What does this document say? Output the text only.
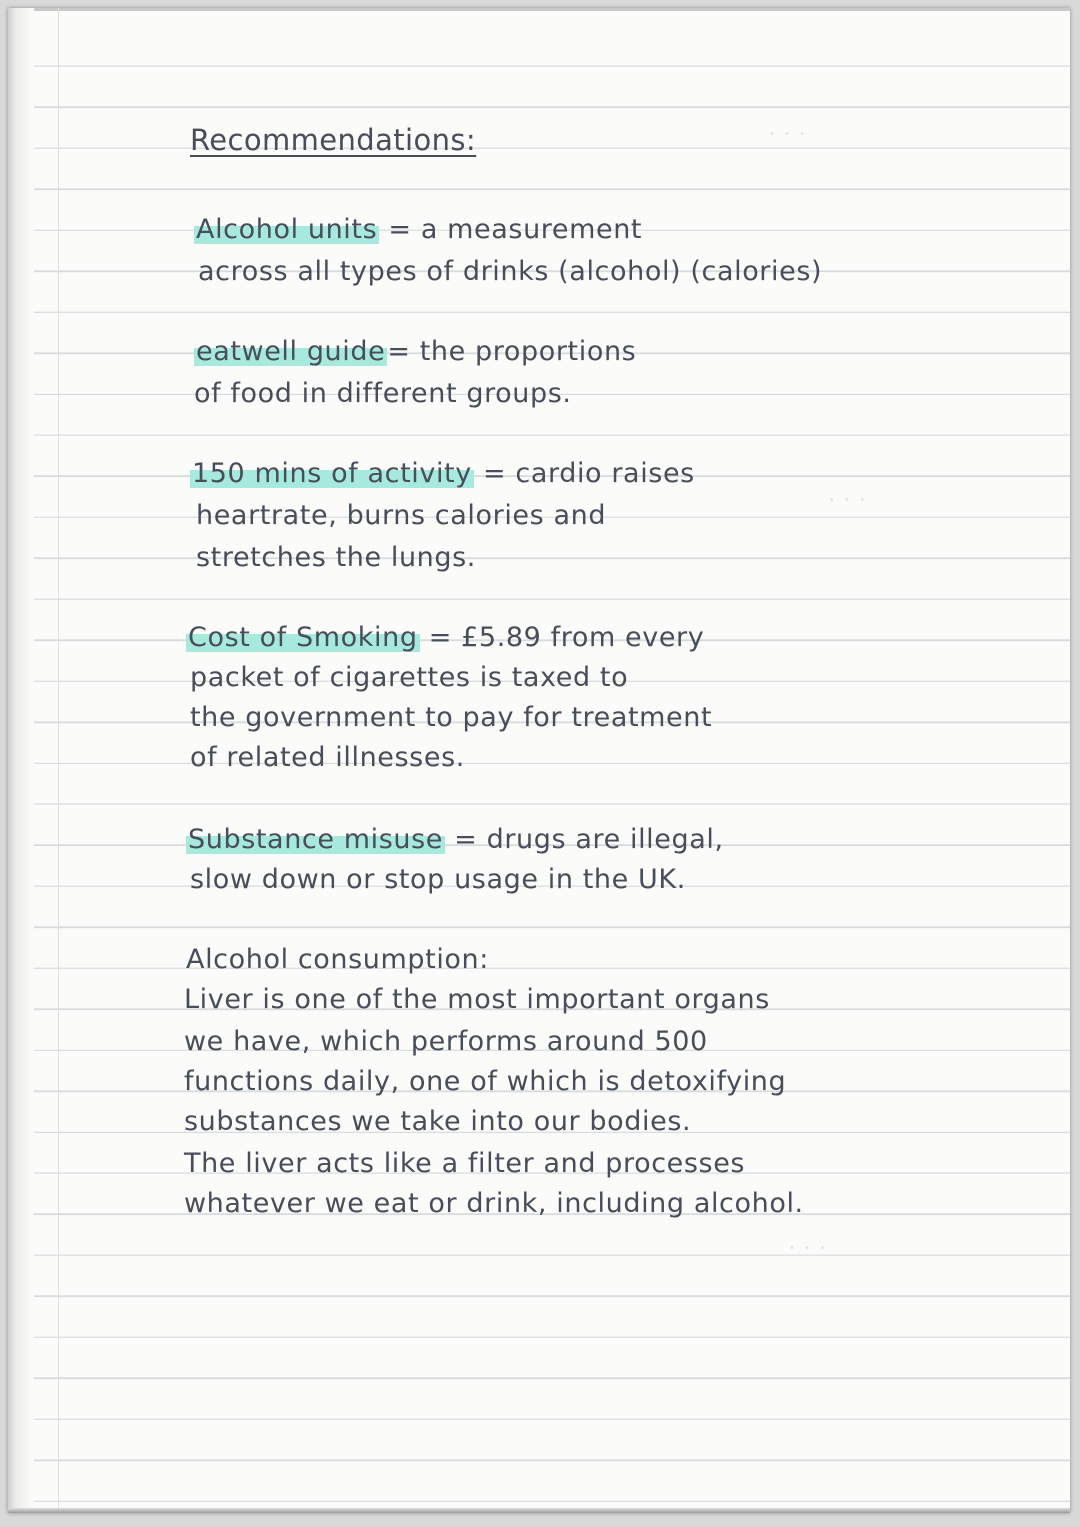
· · ·
· · ·
· · ·
Recommendations:
Alcohol units = a measurement
across all types of drinks (alcohol) (calories)
eatwell guide= the proportions
of food in different groups.
150 mins of activity = cardio raises
heartrate, burns calories and
stretches the lungs.
Cost of Smoking = £5.89 from every
packet of cigarettes is taxed to
the government to pay for treatment
of related illnesses.
Substance misuse = drugs are illegal,
slow down or stop usage in the UK.
Alcohol consumption:
Liver is one of the most important organs
we have, which performs around 500
functions daily, one of which is detoxifying
substances we take into our bodies.
The liver acts like a filter and processes
whatever we eat or drink, including alcohol.
